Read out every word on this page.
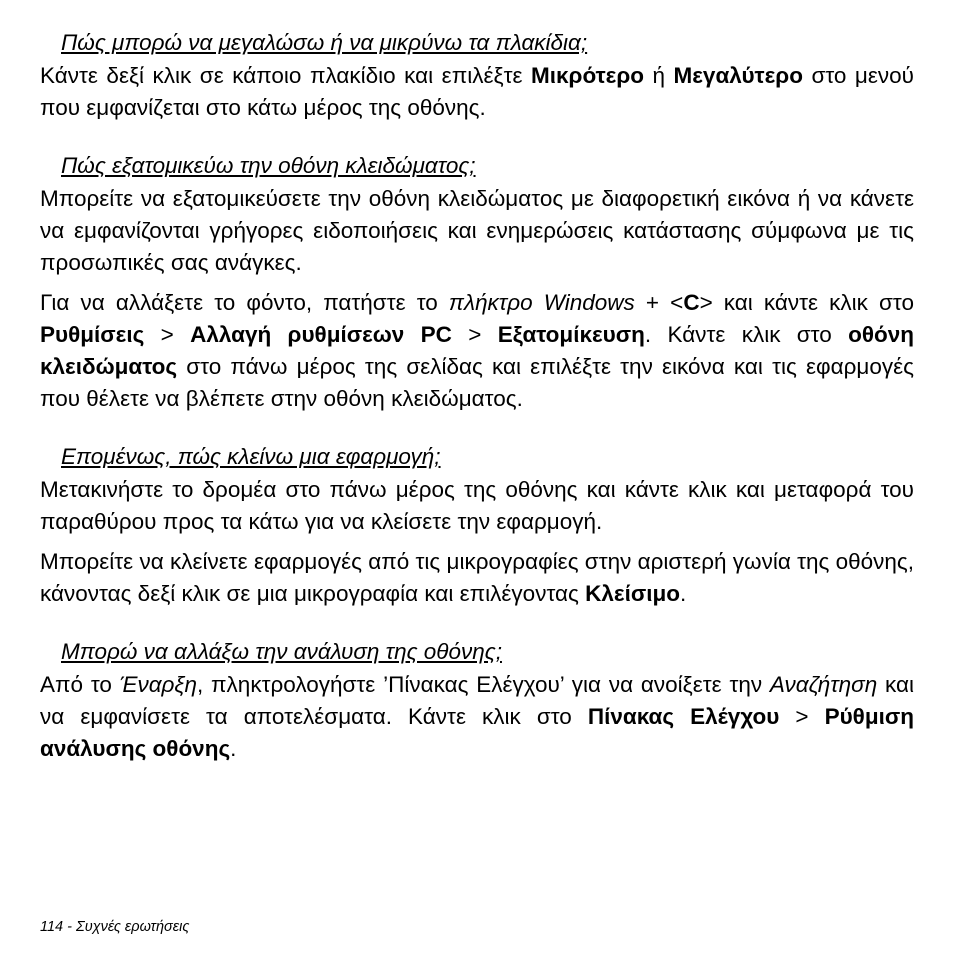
Πώς μπορώ να μεγαλώσω ή να μικρύνω τα πλακίδια;

Κάντε δεξί κλικ σε κάποιο πλακίδιο και επιλέξτε Μικρότερο ή Μεγαλύτερο στο μενού που εμφανίζεται στο κάτω μέρος της οθόνης.

Πώς εξατομικεύω την οθόνη κλειδώματος;

Μπορείτε να εξατομικεύσετε την οθόνη κλειδώματος με διαφορετική εικόνα ή να κάνετε να εμφανίζονται γρήγορες ειδοποιήσεις και ενημερώσεις κατάστασης σύμφωνα με τις προσωπικές σας ανάγκες.

Για να αλλάξετε το φόντο, πατήστε το πλήκτρο Windows + <C> και κάντε κλικ στο Ρυθμίσεις > Αλλαγή ρυθμίσεων PC > Εξατομίκευση. Κάντε κλικ στο οθόνη κλειδώματος στο πάνω μέρος της σελίδας και επιλέξτε την εικόνα και τις εφαρμογές που θέλετε να βλέπετε στην οθόνη κλειδώματος.

Επομένως, πώς κλείνω μια εφαρμογή;

Μετακινήστε το δρομέα στο πάνω μέρος της οθόνης και κάντε κλικ και μεταφορά του παραθύρου προς τα κάτω για να κλείσετε την εφαρμογή.

Μπορείτε να κλείνετε εφαρμογές από τις μικρογραφίες στην αριστερή γωνία της οθόνης, κάνοντας δεξί κλικ σε μια μικρογραφία και επιλέγοντας Κλείσιμο.

Μπορώ να αλλάξω την ανάλυση της οθόνης;

Από το Έναρξη, πληκτρολογήστε ’Πίνακας Ελέγχου’ για να ανοίξετε την Αναζήτηση και να εμφανίσετε τα αποτελέσματα. Κάντε κλικ στο Πίνακας Ελέγχου > Ρύθμιση ανάλυσης οθόνης.

114 - Συχνές ερωτήσεις
